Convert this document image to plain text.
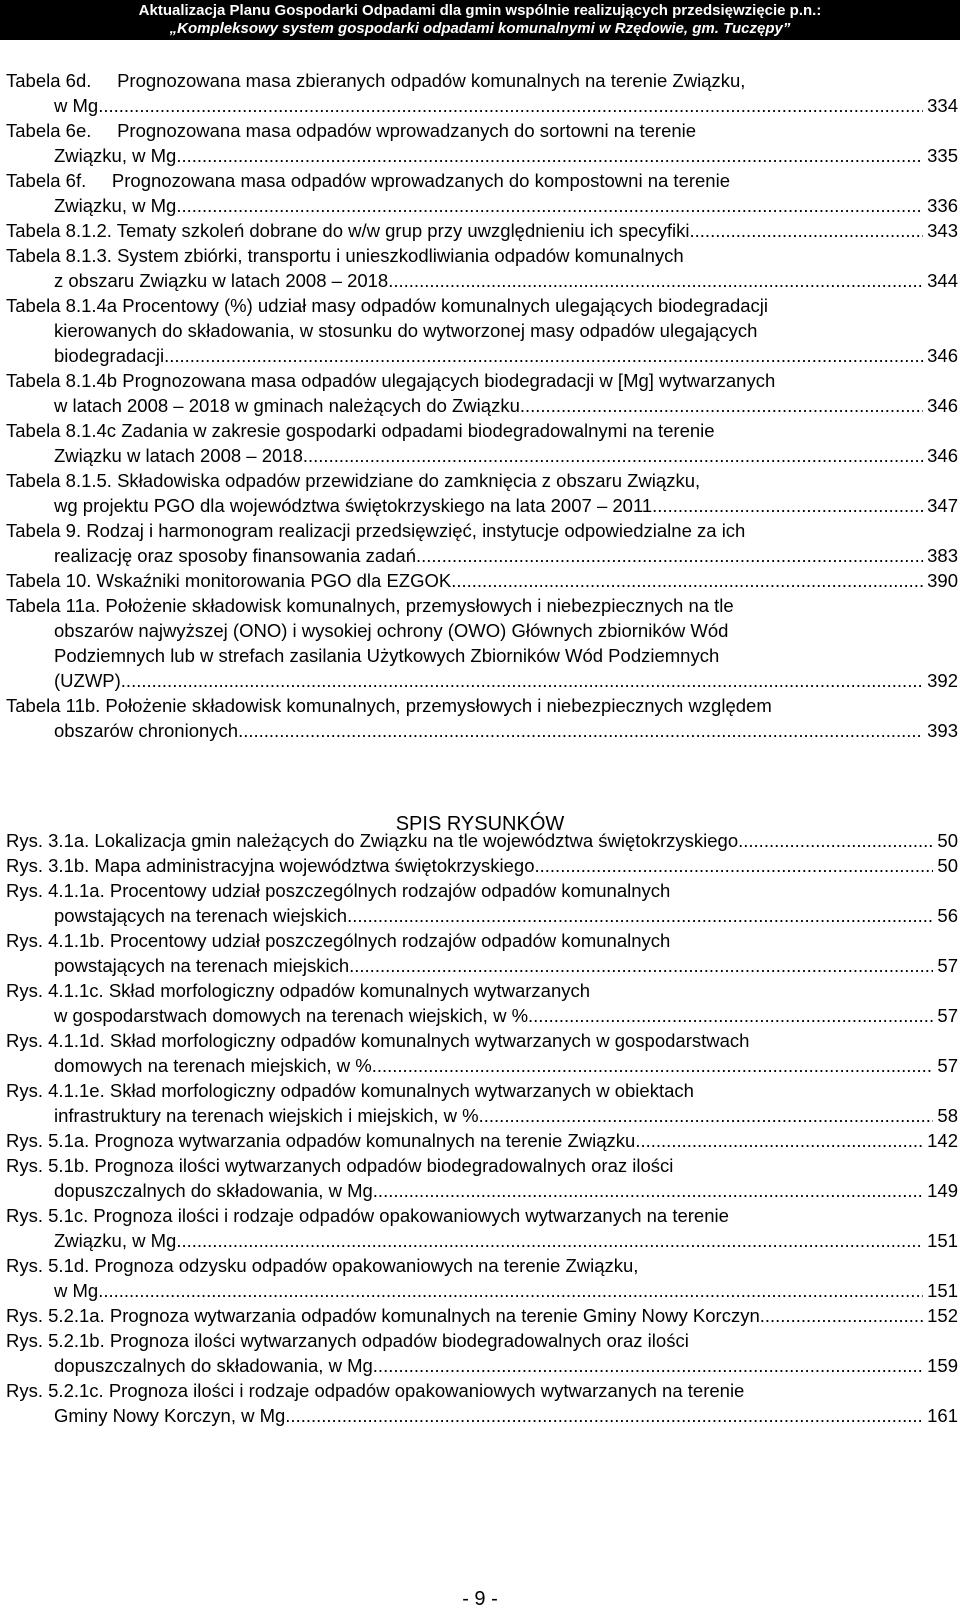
Aktualizacja Planu Gospodarki Odpadami dla gmin wspólnie realizujących przedsięwzięcie p.n.:
„Kompleksowy system gospodarki odpadami komunalnymi w Rzędowie, gm. Tuczępy”
Tabela 6d.     Prognozowana masa zbieranych odpadów komunalnych na terenie Związku,
w Mg .....	334
Tabela 6e.     Prognozowana masa odpadów wprowadzanych do sortowni na terenie
Związku, w Mg .....	335
Tabela 6f.     Prognozowana masa odpadów wprowadzanych do kompostowni na terenie
Związku, w Mg .....	336
Tabela 8.1.2. Tematy szkoleń dobrane do w/w grup przy uwzględnieniu ich specyfiki .....	343
Tabela 8.1.3. System zbiórki, transportu i unieszkodliwiania odpadów komunalnych
z obszaru Związku w latach 2008 – 2018 .....	344
Tabela 8.1.4a Procentowy (%) udział masy odpadów komunalnych ulegających biodegradacji
kierowanych do składowania, w stosunku do wytworzonej masy odpadów ulegających
biodegradacji .....	346
Tabela 8.1.4b Prognozowana masa odpadów ulegających biodegradacji w [Mg] wytwarzanych
w latach 2008 – 2018 w gminach należących do Związku .....	346
Tabela 8.1.4c Zadania w zakresie gospodarki odpadami biodegradowalnymi na terenie
Związku w latach 2008 – 2018 .....	346
Tabela 8.1.5. Składowiska odpadów przewidziane do zamknięcia z obszaru Związku,
wg projektu PGO dla województwa świętokrzyskiego na lata 2007 – 2011 .....	347
Tabela 9. Rodzaj i harmonogram realizacji przedsięwzięć, instytucje odpowiedzialne za ich
realizację oraz sposoby finansowania zadań .....	383
Tabela 10. Wskaźniki monitorowania PGO dla EZGOK .....	390
Tabela 11a. Położenie składowisk komunalnych, przemysłowych i niebezpiecznych na tle
obszarów najwyższej (ONO) i wysokiej ochrony (OWO) Głównych zbiorników Wód
Podziemnych lub w strefach zasilania Użytkowych Zbiorników Wód Podziemnych
(UZWP) .....	392
Tabela 11b. Położenie składowisk komunalnych, przemysłowych i niebezpiecznych względem
obszarów chronionych .....	393
SPIS RYSUNKÓW
Rys. 3.1a. Lokalizacja gmin należących do Związku na tle województwa świętokrzyskiego .....	50
Rys. 3.1b. Mapa administracyjna województwa świętokrzyskiego .....	50
Rys. 4.1.1a. Procentowy udział poszczególnych rodzajów odpadów komunalnych
powstających na terenach wiejskich .....	56
Rys. 4.1.1b. Procentowy udział poszczególnych rodzajów odpadów komunalnych
powstających na terenach miejskich .....	57
Rys. 4.1.1c. Skład morfologiczny odpadów komunalnych wytwarzanych
w gospodarstwach domowych na terenach wiejskich, w % .....	57
Rys. 4.1.1d. Skład morfologiczny odpadów komunalnych wytwarzanych w gospodarstwach
domowych na terenach miejskich, w % .....	57
Rys. 4.1.1e. Skład morfologiczny odpadów komunalnych wytwarzanych w obiektach
infrastruktury na terenach wiejskich i miejskich, w % .....	58
Rys. 5.1a. Prognoza wytwarzania odpadów komunalnych na terenie Związku .....	142
Rys. 5.1b. Prognoza ilości wytwarzanych odpadów biodegradowalnych oraz ilości
dopuszczalnych do składowania, w Mg .....	149
Rys. 5.1c. Prognoza ilości i rodzaje odpadów opakowaniowych wytwarzanych na terenie
Związku, w Mg .....	151
Rys. 5.1d. Prognoza odzysku odpadów opakowaniowych na terenie Związku,
w Mg .....	151
Rys. 5.2.1a. Prognoza wytwarzania odpadów komunalnych na terenie Gminy Nowy Korczyn .....	152
Rys. 5.2.1b. Prognoza ilości wytwarzanych odpadów biodegradowalnych oraz ilości
dopuszczalnych do składowania, w Mg .....	159
Rys. 5.2.1c. Prognoza ilości i rodzaje odpadów opakowaniowych wytwarzanych na terenie
Gminy Nowy Korczyn, w Mg .....	161
- 9 -
